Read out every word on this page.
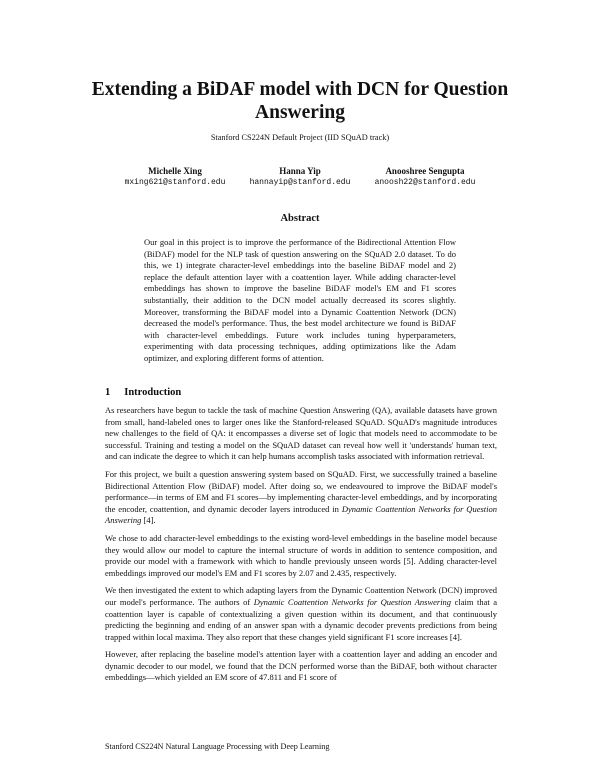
Extending a BiDAF model with DCN for Question
Answering
Stanford CS224N Default Project (IID SQuAD track)
Michelle Xing
mxing621@stanford.edu
Hanna Yip
hannayip@stanford.edu
Anooshree Sengupta
anoosh22@stanford.edu
Abstract

Our goal in this project is to improve the performance of the Bidirectional Attention Flow (BiDAF) model for the NLP task of question answering on the SQuAD 2.0 dataset. To do this, we 1) integrate character-level embeddings into the baseline BiDAF model and 2) replace the default attention layer with a coattention layer. While adding character-level embeddings has shown to improve the baseline BiDAF model's EM and F1 scores substantially, their addition to the DCN model actually decreased its scores slightly. Moreover, transforming the BiDAF model into a Dynamic Coattention Network (DCN) decreased the model's performance. Thus, the best model architecture we found is BiDAF with character-level embeddings. Future work includes tuning hyperparameters, experimenting with data processing techniques, adding optimizations like the Adam optimizer, and exploring different forms of attention.

1 Introduction

As researchers have begun to tackle the task of machine Question Answering (QA), available datasets have grown from small, hand-labeled ones to larger ones like the Stanford-released SQuAD. SQuAD's magnitude introduces new challenges to the field of QA: it encompasses a diverse set of logic that models need to accommodate to be successful. Training and testing a model on the SQuAD dataset can reveal how well it 'understands' human text, and can indicate the degree to which it can help humans accomplish tasks associated with information retrieval.

For this project, we built a question answering system based on SQuAD. First, we successfully trained a baseline Bidirectional Attention Flow (BiDAF) model. After doing so, we endeavoured to improve the BiDAF model's performance—in terms of EM and F1 scores—by implementing character-level embeddings, and by incorporating the encoder, coattention, and dynamic decoder layers introduced in Dynamic Coattention Networks for Question Answering [4].

We chose to add character-level embeddings to the existing word-level embeddings in the baseline model because they would allow our model to capture the internal structure of words in addition to sentence composition, and provide our model with a framework with which to handle previously unseen words [5]. Adding character-level embeddings improved our model's EM and F1 scores by 2.07 and 2.435, respectively.

We then investigated the extent to which adapting layers from the Dynamic Coattention Network (DCN) improved our model's performance. The authors of Dynamic Coattention Networks for Question Answering claim that a coattention layer is capable of contextualizing a given question within its document, and that continuously predicting the beginning and ending of an answer span with a dynamic decoder prevents predictions from being trapped within local maxima. They also report that these changes yield significant F1 score increases [4].

However, after replacing the baseline model's attention layer with a coattention layer and adding an encoder and dynamic decoder to our model, we found that the DCN performed worse than the BiDAF, both without character embeddings—which yielded an EM score of 47.811 and F1 score of

Stanford CS224N Natural Language Processing with Deep Learning
